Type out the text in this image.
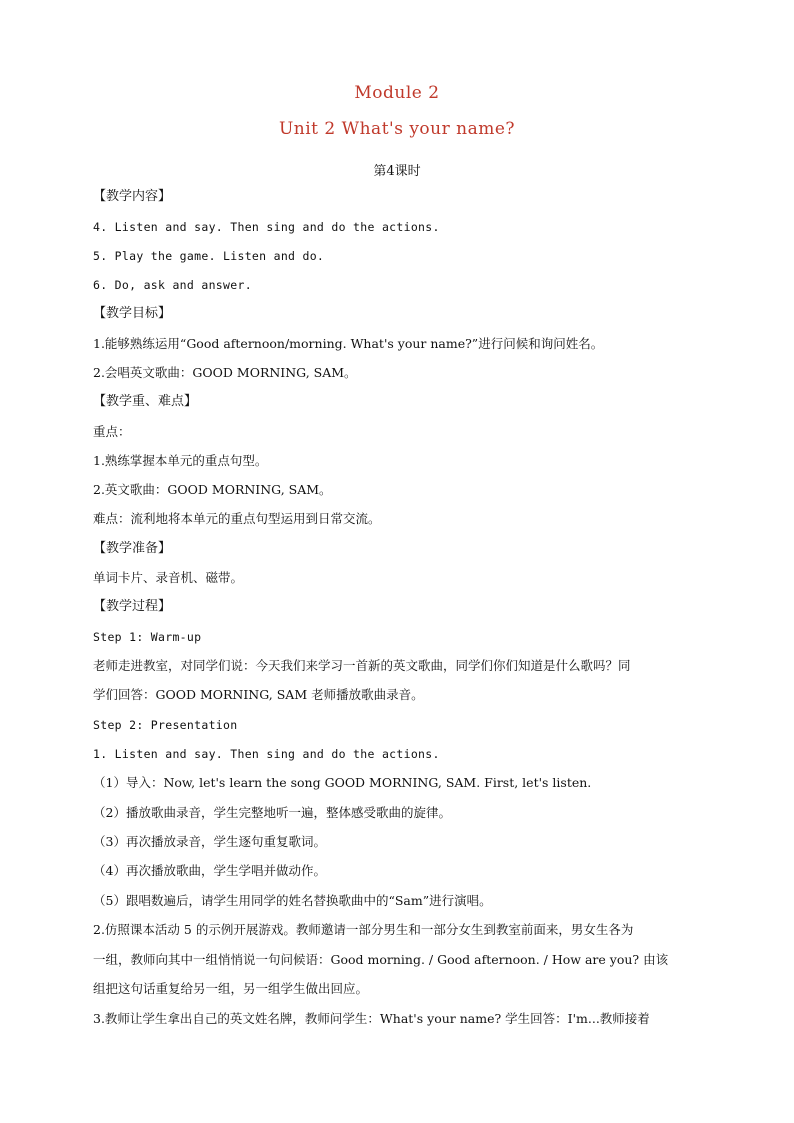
Module 2
Unit 2 What's your name?
第4课时
【教学内容】
4. Listen and say. Then sing and do the actions.
5. Play the game. Listen and do.
6. Do, ask and answer.
【教学目标】
1.能够熟练运用“Good afternoon/morning. What's your name?”进行问候和询问姓名。
2.会唱英文歌曲：GOOD MORNING, SAM。
【教学重、难点】
重点：
1.熟练掌握本单元的重点句型。
2.英文歌曲：GOOD MORNING, SAM。
难点：流利地将本单元的重点句型运用到日常交流。
【教学准备】
单词卡片、录音机、磁带。
【教学过程】
Step 1: Warm-up
老师走进教室，对同学们说：今天我们来学习一首新的英文歌曲，同学们你们知道是什么歌吗？同
学们回答：GOOD MORNING, SAM 老师播放歌曲录音。
Step 2: Presentation
1. Listen and say. Then sing and do the actions.
（1）导入：Now, let's learn the song GOOD MORNING, SAM. First, let's listen.
（2）播放歌曲录音，学生完整地听一遍，整体感受歌曲的旋律。
（3）再次播放录音，学生逐句重复歌词。
（4）再次播放歌曲，学生学唱并做动作。
（5）跟唱数遍后，请学生用同学的姓名替换歌曲中的“Sam”进行演唱。
2.仿照课本活动 5 的示例开展游戏。教师邀请一部分男生和一部分女生到教室前面来，男女生各为
一组，教师向其中一组悄悄说一句问候语：Good morning. / Good afternoon. / How are you? 由该
组把这句话重复给另一组，另一组学生做出回应。
3.教师让学生拿出自己的英文姓名牌，教师问学生：What's your name? 学生回答：I'm...教师接着
